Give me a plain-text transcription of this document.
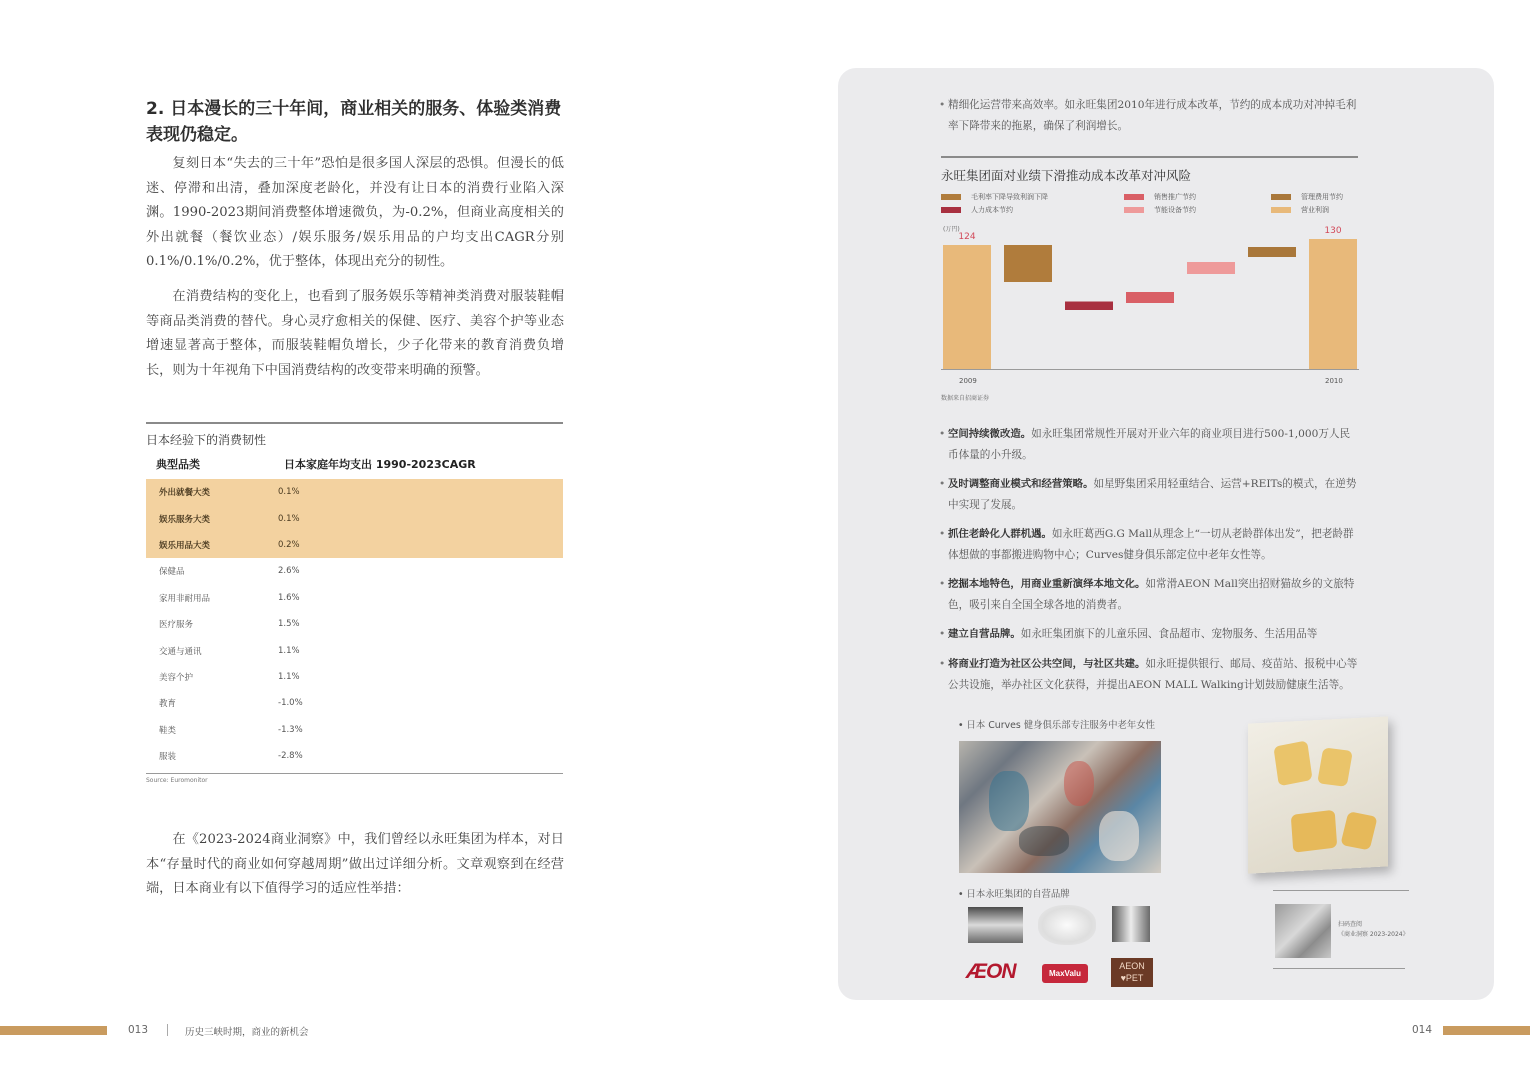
2. 日本漫长的三十年间，商业相关的服务、体验类消费表现仍稳定。
复刻日本“失去的三十年”恐怕是很多国人深层的恐惧。但漫长的低迷、停滞和出清，叠加深度老龄化，并没有让日本的消费行业陷入深渊。1990-2023期间消费整体增速微负，为-0.2%，但商业高度相关的外出就餐（餐饮业态）/娱乐服务/娱乐用品的户均支出CAGR分别0.1%/0.1%/0.2%，优于整体，体现出充分的韧性。
在消费结构的变化上，也看到了服务娱乐等精神类消费对服装鞋帽等商品类消费的替代。身心灵疗愈相关的保健、医疗、美容个护等业态增速显著高于整体，而服装鞋帽负增长，少子化带来的教育消费负增长，则为十年视角下中国消费结构的改变带来明确的预警。
日本经验下的消费韧性
典型品类	日本家庭年均支出 1990-2023CAGR
外出就餐大类	0.1%
娱乐服务大类	0.1%
娱乐用品大类	0.2%
保健品	2.6%
家用非耐用品	1.6%
医疗服务	1.5%
交通与通讯	1.1%
美容个护	1.1%
教育	-1.0%
鞋类	-1.3%
服装	-2.8%
Source: Euromonitor
在《2023-2024商业洞察》中，我们曾经以永旺集团为样本，对日本“存量时代的商业如何穿越周期”做出过详细分析。文章观察到在经营端，日本商业有以下值得学习的适应性举措：
• 精细化运营带来高效率。如永旺集团2010年进行成本改革，节约的成本成功对冲掉毛利率下降带来的拖累，确保了利润增长。
永旺集团面对业绩下滑推动成本改革对冲风险
毛利率下降导致利润下降
人力成本节约
销售推广节约
节能设备节约
管理费用节约
营业利润
(万円)
124
130
2009	2010
数据来自招商证券
• 空间持续微改造。如永旺集团常规性开展对开业六年的商业项目进行500-1,000万人民币体量的小升级。
• 及时调整商业模式和经营策略。如星野集团采用轻重结合、运营+REITs的模式，在逆势中实现了发展。
• 抓住老龄化人群机遇。如永旺葛西G.G Mall从理念上“一切从老龄群体出发”，把老龄群体想做的事都搬进购物中心；Curves健身俱乐部定位中老年女性等。
• 挖掘本地特色，用商业重新演绎本地文化。如常滑AEON Mall突出招财猫故乡的文旅特色，吸引来自全国全球各地的消费者。
• 建立自营品牌。如永旺集团旗下的儿童乐园、食品超市、宠物服务、生活用品等
• 将商业打造为社区公共空间，与社区共建。如永旺提供银行、邮局、疫苗站、报税中心等公共设施，举办社区文化获得，并提出AEON MALL Walking计划鼓励健康生活等。
• 日本 Curves 健身俱乐部专注服务中老年女性
• 日本永旺集团的自营品牌
ÆON	MaxValu
AEON
♥PET
扫码查阅
《商业洞察 2023-2024》
013	历史三峡时期，商业的新机会	014
